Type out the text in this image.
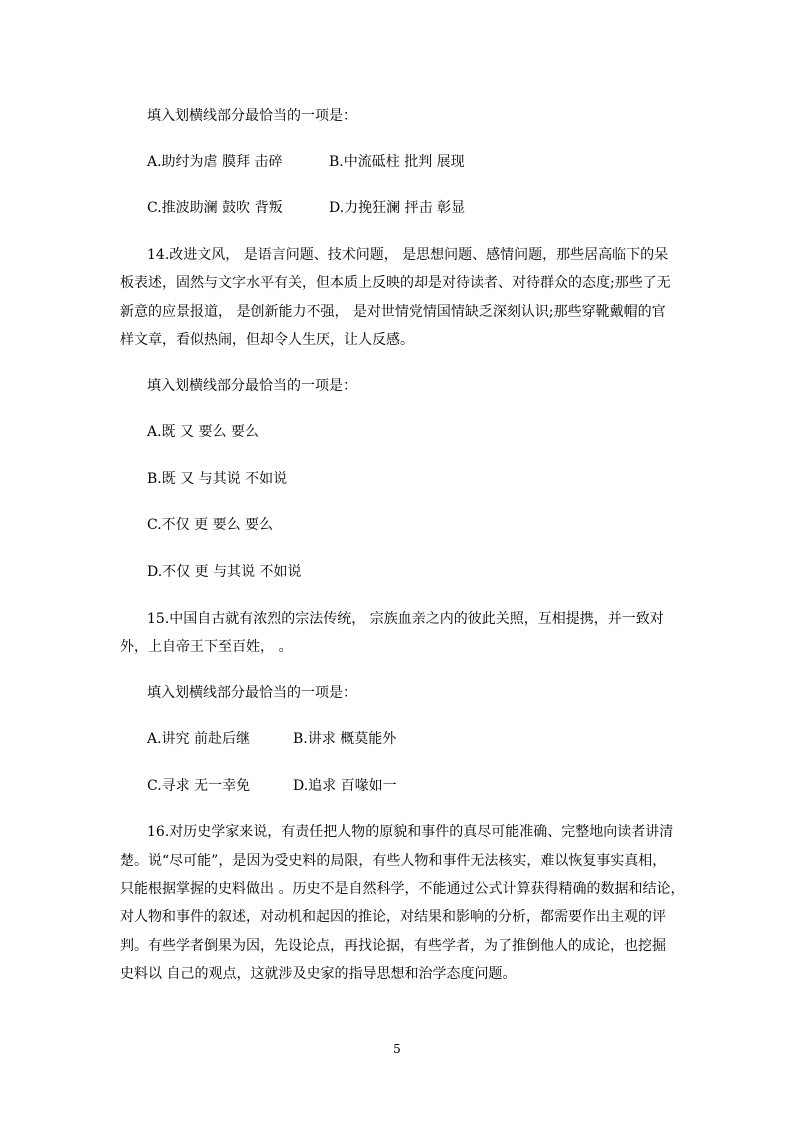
填入划横线部分最恰当的一项是：
A.助纣为虐 膜拜 击碎	B.中流砥柱 批判 展现
C.推波助澜 鼓吹 背叛	D.力挽狂澜 抨击 彰显
14.改进文风， 是语言问题、技术问题， 是思想问题、感情问题，那些居高临下的呆
板表述，固然与文字水平有关，但本质上反映的却是对待读者、对待群众的态度;那些了无
新意的应景报道， 是创新能力不强， 是对世情党情国情缺乏深刻认识;那些穿靴戴帽的官
样文章，看似热闹，但却令人生厌，让人反感。
填入划横线部分最恰当的一项是：
A.既 又 要么 要么
B.既 又 与其说 不如说
C.不仅 更 要么 要么
D.不仅 更 与其说 不如说
15.中国自古就有浓烈的宗法传统， 宗族血亲之内的彼此关照，互相提携，并一致对
外，上自帝王下至百姓， 。
填入划横线部分最恰当的一项是：
A.讲究 前赴后继	B.讲求 概莫能外
C.寻求 无一幸免	D.追求 百喙如一
16.对历史学家来说，有责任把人物的原貌和事件的真尽可能准确、完整地向读者讲清
楚。说“尽可能”，是因为受史料的局限，有些人物和事件无法核实，难以恢复事实真相，
只能根据掌握的史料做出 。历史不是自然科学，不能通过公式计算获得精确的数据和结论，
对人物和事件的叙述，对动机和起因的推论，对结果和影响的分析，都需要作出主观的评
判。有些学者倒果为因，先设论点，再找论据，有些学者，为了推倒他人的成论，也挖掘
史料以 自己的观点，这就涉及史家的指导思想和治学态度问题。
5
